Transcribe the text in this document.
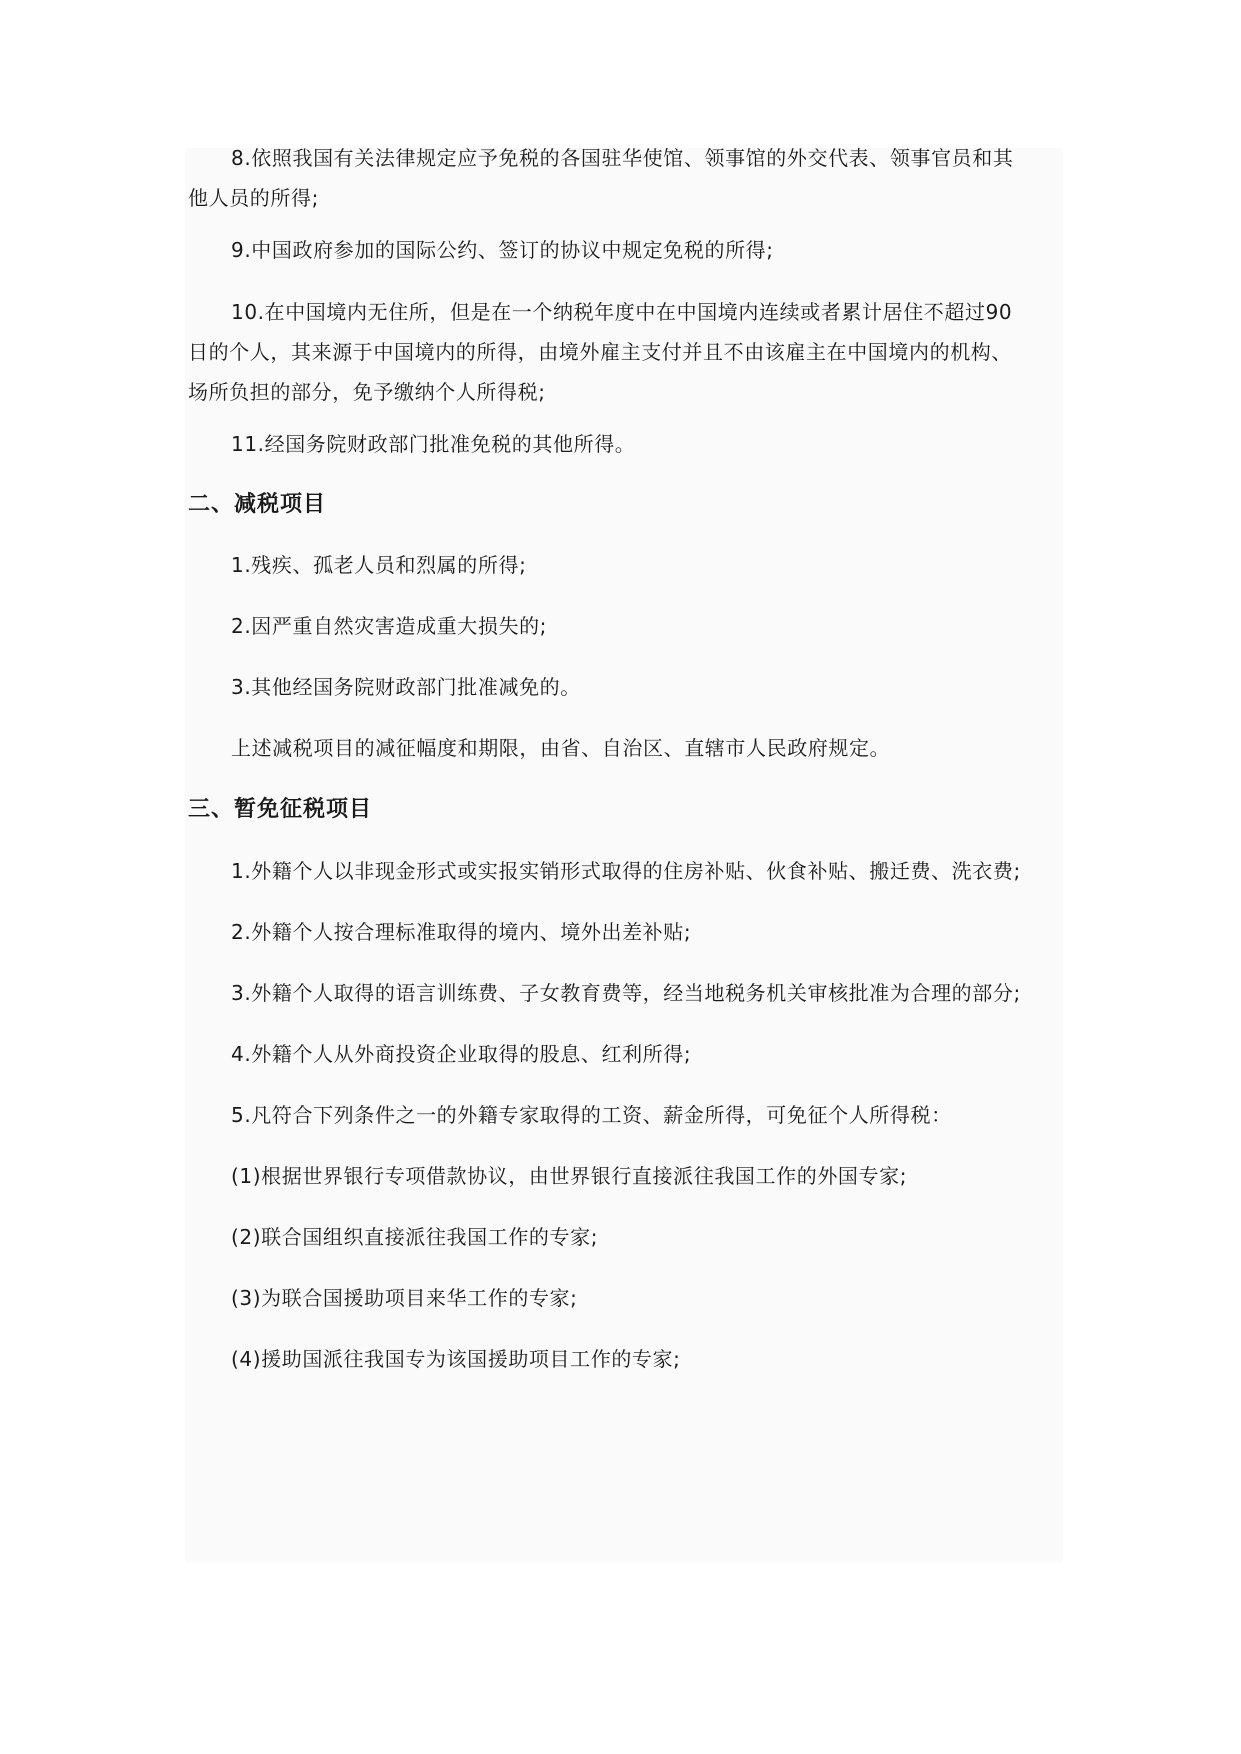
8.依照我国有关法律规定应予免税的各国驻华使馆、领事馆的外交代表、领事官员和其
他人员的所得;

9.中国政府参加的国际公约、签订的协议中规定免税的所得;

10.在中国境内无住所，但是在一个纳税年度中在中国境内连续或者累计居住不超过90
日的个人，其来源于中国境内的所得，由境外雇主支付并且不由该雇主在中国境内的机构、
场所负担的部分，免予缴纳个人所得税;

11.经国务院财政部门批准免税的其他所得。

二、减税项目

1.残疾、孤老人员和烈属的所得;

2.因严重自然灾害造成重大损失的;

3.其他经国务院财政部门批准减免的。

上述减税项目的减征幅度和期限，由省、自治区、直辖市人民政府规定。

三、暂免征税项目

1.外籍个人以非现金形式或实报实销形式取得的住房补贴、伙食补贴、搬迁费、洗衣费;

2.外籍个人按合理标准取得的境内、境外出差补贴;

3.外籍个人取得的语言训练费、子女教育费等，经当地税务机关审核批准为合理的部分;

4.外籍个人从外商投资企业取得的股息、红利所得;

5.凡符合下列条件之一的外籍专家取得的工资、薪金所得，可免征个人所得税：

(1)根据世界银行专项借款协议，由世界银行直接派往我国工作的外国专家;

(2)联合国组织直接派往我国工作的专家;

(3)为联合国援助项目来华工作的专家;

(4)援助国派往我国专为该国援助项目工作的专家;
